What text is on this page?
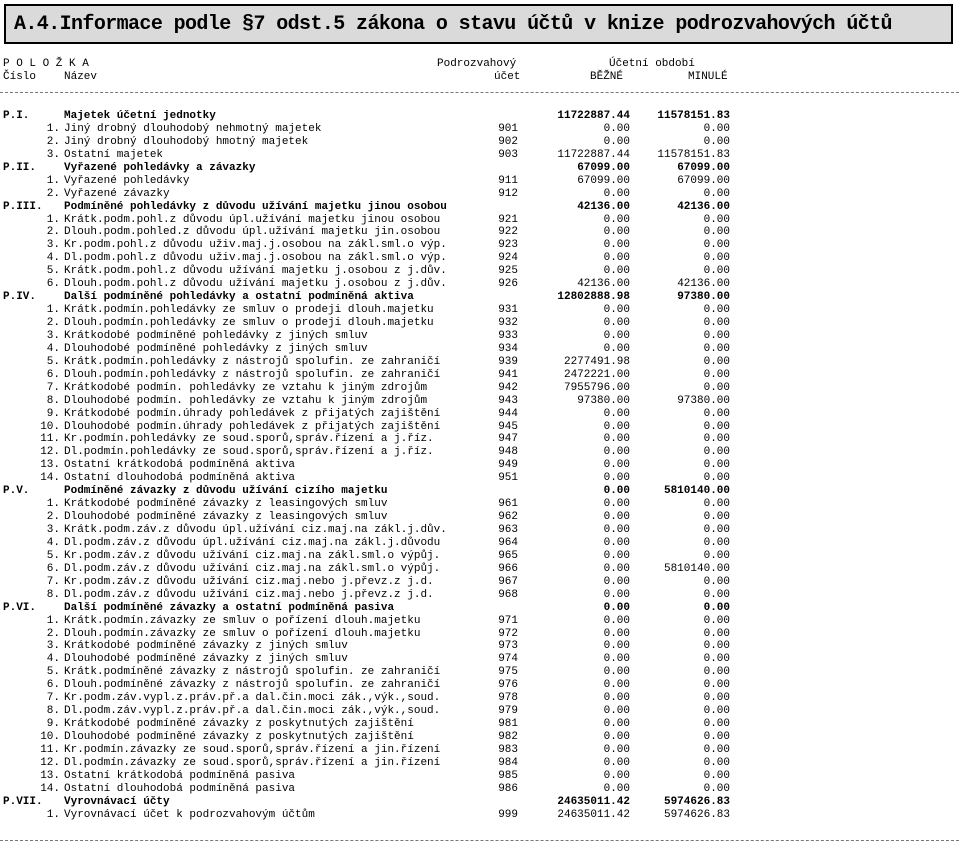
A.4.Informace podle §7 odst.5 zákona o stavu účtů v knize podrozvahových účtů
P O L O Ž K A
Číslo	Název
Podrozvahový
účet
Účetní období
BĚŽNÉ	MINULÉ
P.I.	Majetek účetní jednotky	11722887.44	11578151.83
1. Jiný drobný dlouhodobý nehmotný majetek	901	0.00	0.00
2. Jiný drobný dlouhodobý hmotný majetek	902	0.00	0.00
3. Ostatní majetek	903	11722887.44	11578151.83
P.II.	Vyřazené pohledávky a závazky	67099.00	67099.00
1. Vyřazené pohledávky	911	67099.00	67099.00
2. Vyřazené závazky	912	0.00	0.00
P.III. Podmíněné pohledávky z důvodu užívání majetku jinou osobou	42136.00	42136.00
1. Krátk.podm.pohl.z důvodu úpl.užívání majetku jinou osobou	921	0.00	0.00
2. Dlouh.podm.pohled.z důvodu úpl.užívání majetku jin.osobou	922	0.00	0.00
3. Kr.podm.pohl.z důvodu uživ.maj.j.osobou na zákl.sml.o výp.	923	0.00	0.00
4. Dl.podm.pohl.z důvodu uživ.maj.j.osobou na zákl.sml.o výp.	924	0.00	0.00
5. Krátk.podm.pohl.z důvodu užívání majetku j.osobou z j.dův.	925	0.00	0.00
6. Dlouh.podm.pohl.z důvodu užívání majetku j.osobou z j.dův.	926	42136.00	42136.00
P.IV.	Další podmíněné pohledávky a ostatní podmíněná aktiva	12802888.98	97380.00
1. Krátk.podmín.pohledávky ze smluv o prodeji dlouh.majetku	931	0.00	0.00
2. Dlouh.podmín.pohledávky ze smluv o prodeji dlouh.majetku	932	0.00	0.00
3. Krátkodobé podmíněné pohledávky z jiných smluv	933	0.00	0.00
4. Dlouhodobé podmíněné pohledávky z jiných smluv	934	0.00	0.00
5. Krátk.podmín.pohledávky z nástrojů spolufin. ze zahraničí	939	2277491.98	0.00
6. Dlouh.podmín.pohledávky z nástrojů spolufin. ze zahraničí	941	2472221.00	0.00
7. Krátkodobé podmín. pohledávky ze vztahu k jiným zdrojům	942	7955796.00	0.00
8. Dlouhodobé podmín. pohledávky ze vztahu k jiným zdrojům	943	97380.00	97380.00
9. Krátkodobé podmín.úhrady pohledávek z přijatých zajištění	944	0.00	0.00
10. Dlouhodobé podmín.úhrady pohledávek z přijatých zajištění	945	0.00	0.00
11. Kr.podmín.pohledávky ze soud.sporů,správ.řízení a j.říz.	947	0.00	0.00
12. Dl.podmín.pohledávky ze soud.sporů,správ.řízení a j.říz.	948	0.00	0.00
13. Ostatní krátkodobá podmíněná aktiva	949	0.00	0.00
14. Ostatní dlouhodobá podmíněná aktiva	951	0.00	0.00
P.V.	Podmíněné závazky z důvodu užívání cizího majetku	0.00	5810140.00
1. Krátkodobé podmíněné závazky z leasingových smluv	961	0.00	0.00
2. Dlouhodobé podmíněné závazky z leasingových smluv	962	0.00	0.00
3. Krátk.podm.záv.z důvodu úpl.užívání ciz.maj.na zákl.j.dův.	963	0.00	0.00
4. Dl.podm.záv.z důvodu úpl.užívání ciz.maj.na zákl.j.důvodu	964	0.00	0.00
5. Kr.podm.záv.z důvodu užívání ciz.maj.na zákl.sml.o výpůj.	965	0.00	0.00
6. Dl.podm.záv.z důvodu užívání ciz.maj.na zákl.sml.o výpůj.	966	0.00	5810140.00
7. Kr.podm.záv.z důvodu užívání ciz.maj.nebo j.převz.z j.d.	967	0.00	0.00
8. Dl.podm.záv.z důvodu užívání ciz.maj.nebo j.převz.z j.d.	968	0.00	0.00
P.VI.	Další podmíněné závazky a ostatní podmíněná pasiva	0.00	0.00
1. Krátk.podmín.závazky ze smluv o pořízení dlouh.majetku	971	0.00	0.00
2. Dlouh.podmín.závazky ze smluv o pořízení dlouh.majetku	972	0.00	0.00
3. Krátkodobé podmíněné závazky z jiných smluv	973	0.00	0.00
4. Dlouhodobé podmíněné závazky z jiných smluv	974	0.00	0.00
5. Krátk.podmíněné závazky z nástrojů spolufin. ze zahraničí	975	0.00	0.00
6. Dlouh.podmíněné závazky z nástrojů spolufin. ze zahraničí	976	0.00	0.00
7. Kr.podm.záv.vypl.z.práv.př.a dal.čin.moci zák.,výk.,soud.	978	0.00	0.00
8. Dl.podm.záv.vypl.z.práv.př.a dal.čin.moci zák.,výk.,soud.	979	0.00	0.00
9. Krátkodobé podmíněné závazky z poskytnutých zajištění	981	0.00	0.00
10. Dlouhodobé podmíněné závazky z poskytnutých zajištění	982	0.00	0.00
11. Kr.podmín.závazky ze soud.sporů,správ.řízení a jin.řízení	983	0.00	0.00
12. Dl.podmín.závazky ze soud.sporů,správ.řízení a jin.řízení	984	0.00	0.00
13. Ostatní krátkodobá podmíněná pasiva	985	0.00	0.00
14. Ostatní dlouhodobá podmíněná pasiva	986	0.00	0.00
P.VII. Vyrovnávací účty	24635011.42	5974626.83
1. Vyrovnávací účet k podrozvahovým účtům	999	24635011.42	5974626.83
